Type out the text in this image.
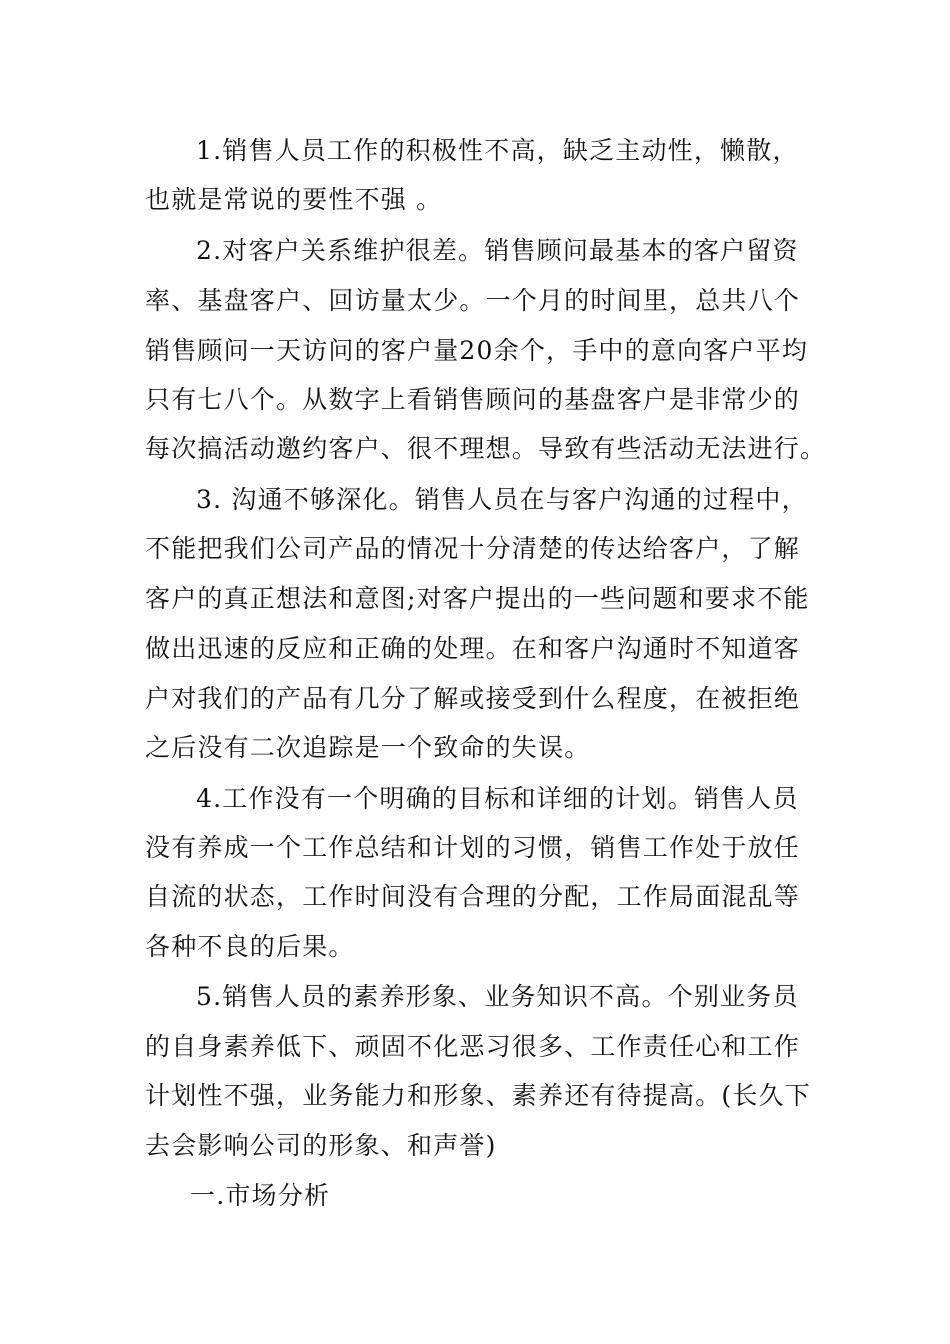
1.销售人员工作的积极性不高，缺乏主动性，懒散，
也就是常说的要性不强 。
2.对客户关系维护很差。销售顾问最基本的客户留资
率、基盘客户、回访量太少。一个月的时间里，总共八个
销售顾问一天访问的客户量20余个，手中的意向客户平均
只有七八个。从数字上看销售顾问的基盘客户是非常少的
每次搞活动邀约客户、很不理想。导致有些活动无法进行。
3. 沟通不够深化。销售人员在与客户沟通的过程中，
不能把我们公司产品的情况十分清楚的传达给客户，了解
客户的真正想法和意图;对客户提出的一些问题和要求不能
做出迅速的反应和正确的处理。在和客户沟通时不知道客
户对我们的产品有几分了解或接受到什么程度，在被拒绝
之后没有二次追踪是一个致命的失误。
4.工作没有一个明确的目标和详细的计划。销售人员
没有养成一个工作总结和计划的习惯，销售工作处于放任
自流的状态，工作时间没有合理的分配，工作局面混乱等
各种不良的后果。
5.销售人员的素养形象、业务知识不高。个别业务员
的自身素养低下、顽固不化恶习很多、工作责任心和工作
计划性不强，业务能力和形象、素养还有待提高。(长久下
去会影响公司的形象、和声誉)
一.市场分析
